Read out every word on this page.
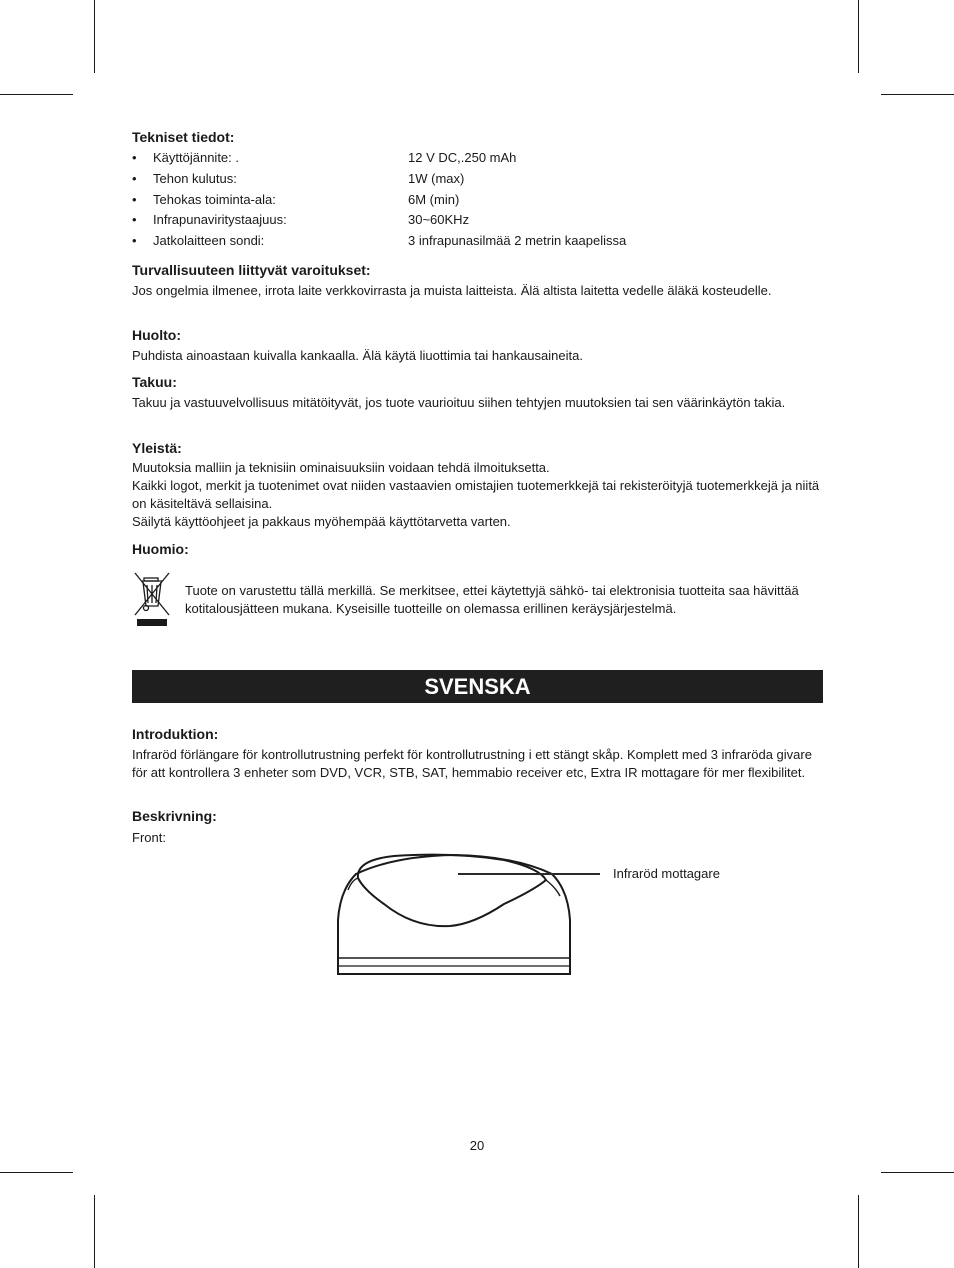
Tekniset tiedot:
• Käyttöjännite: .	12 V DC,.250 mAh
• Tehon kulutus:	1W (max)
• Tehokas toiminta-ala:	6M (min)
• Infrapunaviritystaajuus:	30~60KHz
• Jatkolaitteen sondi:	3 infrapunasilmää 2 metrin kaapelissa
Turvallisuuteen liittyvät varoitukset:

Jos ongelmia ilmenee, irrota laite verkkovirrasta ja muista laitteista. Älä altista laitetta vedelle äläkä kosteudelle.

Huolto:

Puhdista ainoastaan kuivalla kankaalla. Älä käytä liuottimia tai hankausaineita.

Takuu:

Takuu ja vastuuvelvollisuus mitätöityvät, jos tuote vaurioituu siihen tehtyjen muutoksien tai sen väärinkäytön takia.

Yleistä:

Muutoksia malliin ja teknisiin ominaisuuksiin voidaan tehdä ilmoituksetta.

Kaikki logot, merkit ja tuotenimet ovat niiden vastaavien omistajien tuotemerkkejä tai rekisteröityjä tuotemerkkejä ja niitä on käsiteltävä sellaisina.

Säilytä käyttöohjeet ja pakkaus myöhempää käyttötarvetta varten.

Huomio:

Tuote on varustettu tällä merkillä. Se merkitsee, ettei käytettyjä sähkö- tai elektronisia tuotteita saa hävittää kotitalousjätteen mukana. Kyseisille tuotteille on olemassa erillinen keräysjärjestelmä.

SVENSKA
Introduktion:

Infraröd förlängare för kontrollutrustning perfekt för kontrollutrustning i ett stängt skåp. Komplett med 3 infraröda givare för att kontrollera 3 enheter som DVD, VCR, STB, SAT, hemmabio receiver etc, Extra IR mottagare för mer flexibilitet.

Beskrivning:
Front:
Infraröd mottagare
20
